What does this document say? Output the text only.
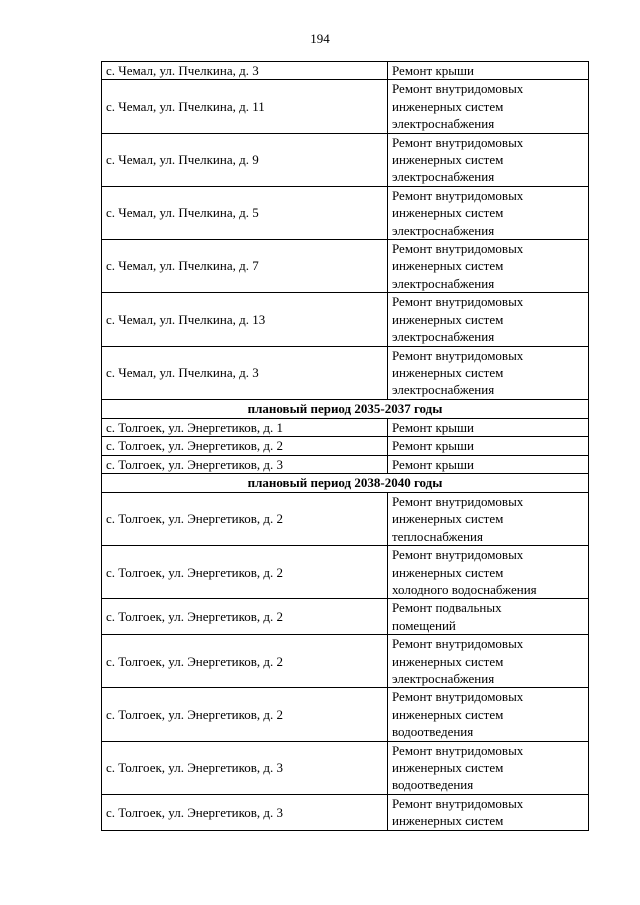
194
с. Чемал, ул. Пчелкина, д. 3	Ремонт крыши
с. Чемал, ул. Пчелкина, д. 11	Ремонт внутридомовых
инженерных систем
электроснабжения
с. Чемал, ул. Пчелкина, д. 9	Ремонт внутридомовых
инженерных систем
электроснабжения
с. Чемал, ул. Пчелкина, д. 5	Ремонт внутридомовых
инженерных систем
электроснабжения
с. Чемал, ул. Пчелкина, д. 7	Ремонт внутридомовых
инженерных систем
электроснабжения
с. Чемал, ул. Пчелкина, д. 13	Ремонт внутридомовых
инженерных систем
электроснабжения
с. Чемал, ул. Пчелкина, д. 3	Ремонт внутридомовых
инженерных систем
электроснабжения
плановый период 2035-2037 годы	
с. Толгоек, ул. Энергетиков, д. 1	Ремонт крыши
с. Толгоек, ул. Энергетиков, д. 2	Ремонт крыши
с. Толгоек, ул. Энергетиков, д. 3	Ремонт крыши
плановый период 2038-2040 годы	
с. Толгоек, ул. Энергетиков, д. 2	Ремонт внутридомовых
инженерных систем
теплоснабжения
с. Толгоек, ул. Энергетиков, д. 2	Ремонт внутридомовых
инженерных систем
холодного водоснабжения
с. Толгоек, ул. Энергетиков, д. 2	Ремонт подвальных
помещений
с. Толгоек, ул. Энергетиков, д. 2	Ремонт внутридомовых
инженерных систем
электроснабжения
с. Толгоек, ул. Энергетиков, д. 2	Ремонт внутридомовых
инженерных систем
водоотведения
с. Толгоек, ул. Энергетиков, д. 3	Ремонт внутридомовых
инженерных систем
водоотведения
с. Толгоек, ул. Энергетиков, д. 3	Ремонт внутридомовых
инженерных систем
